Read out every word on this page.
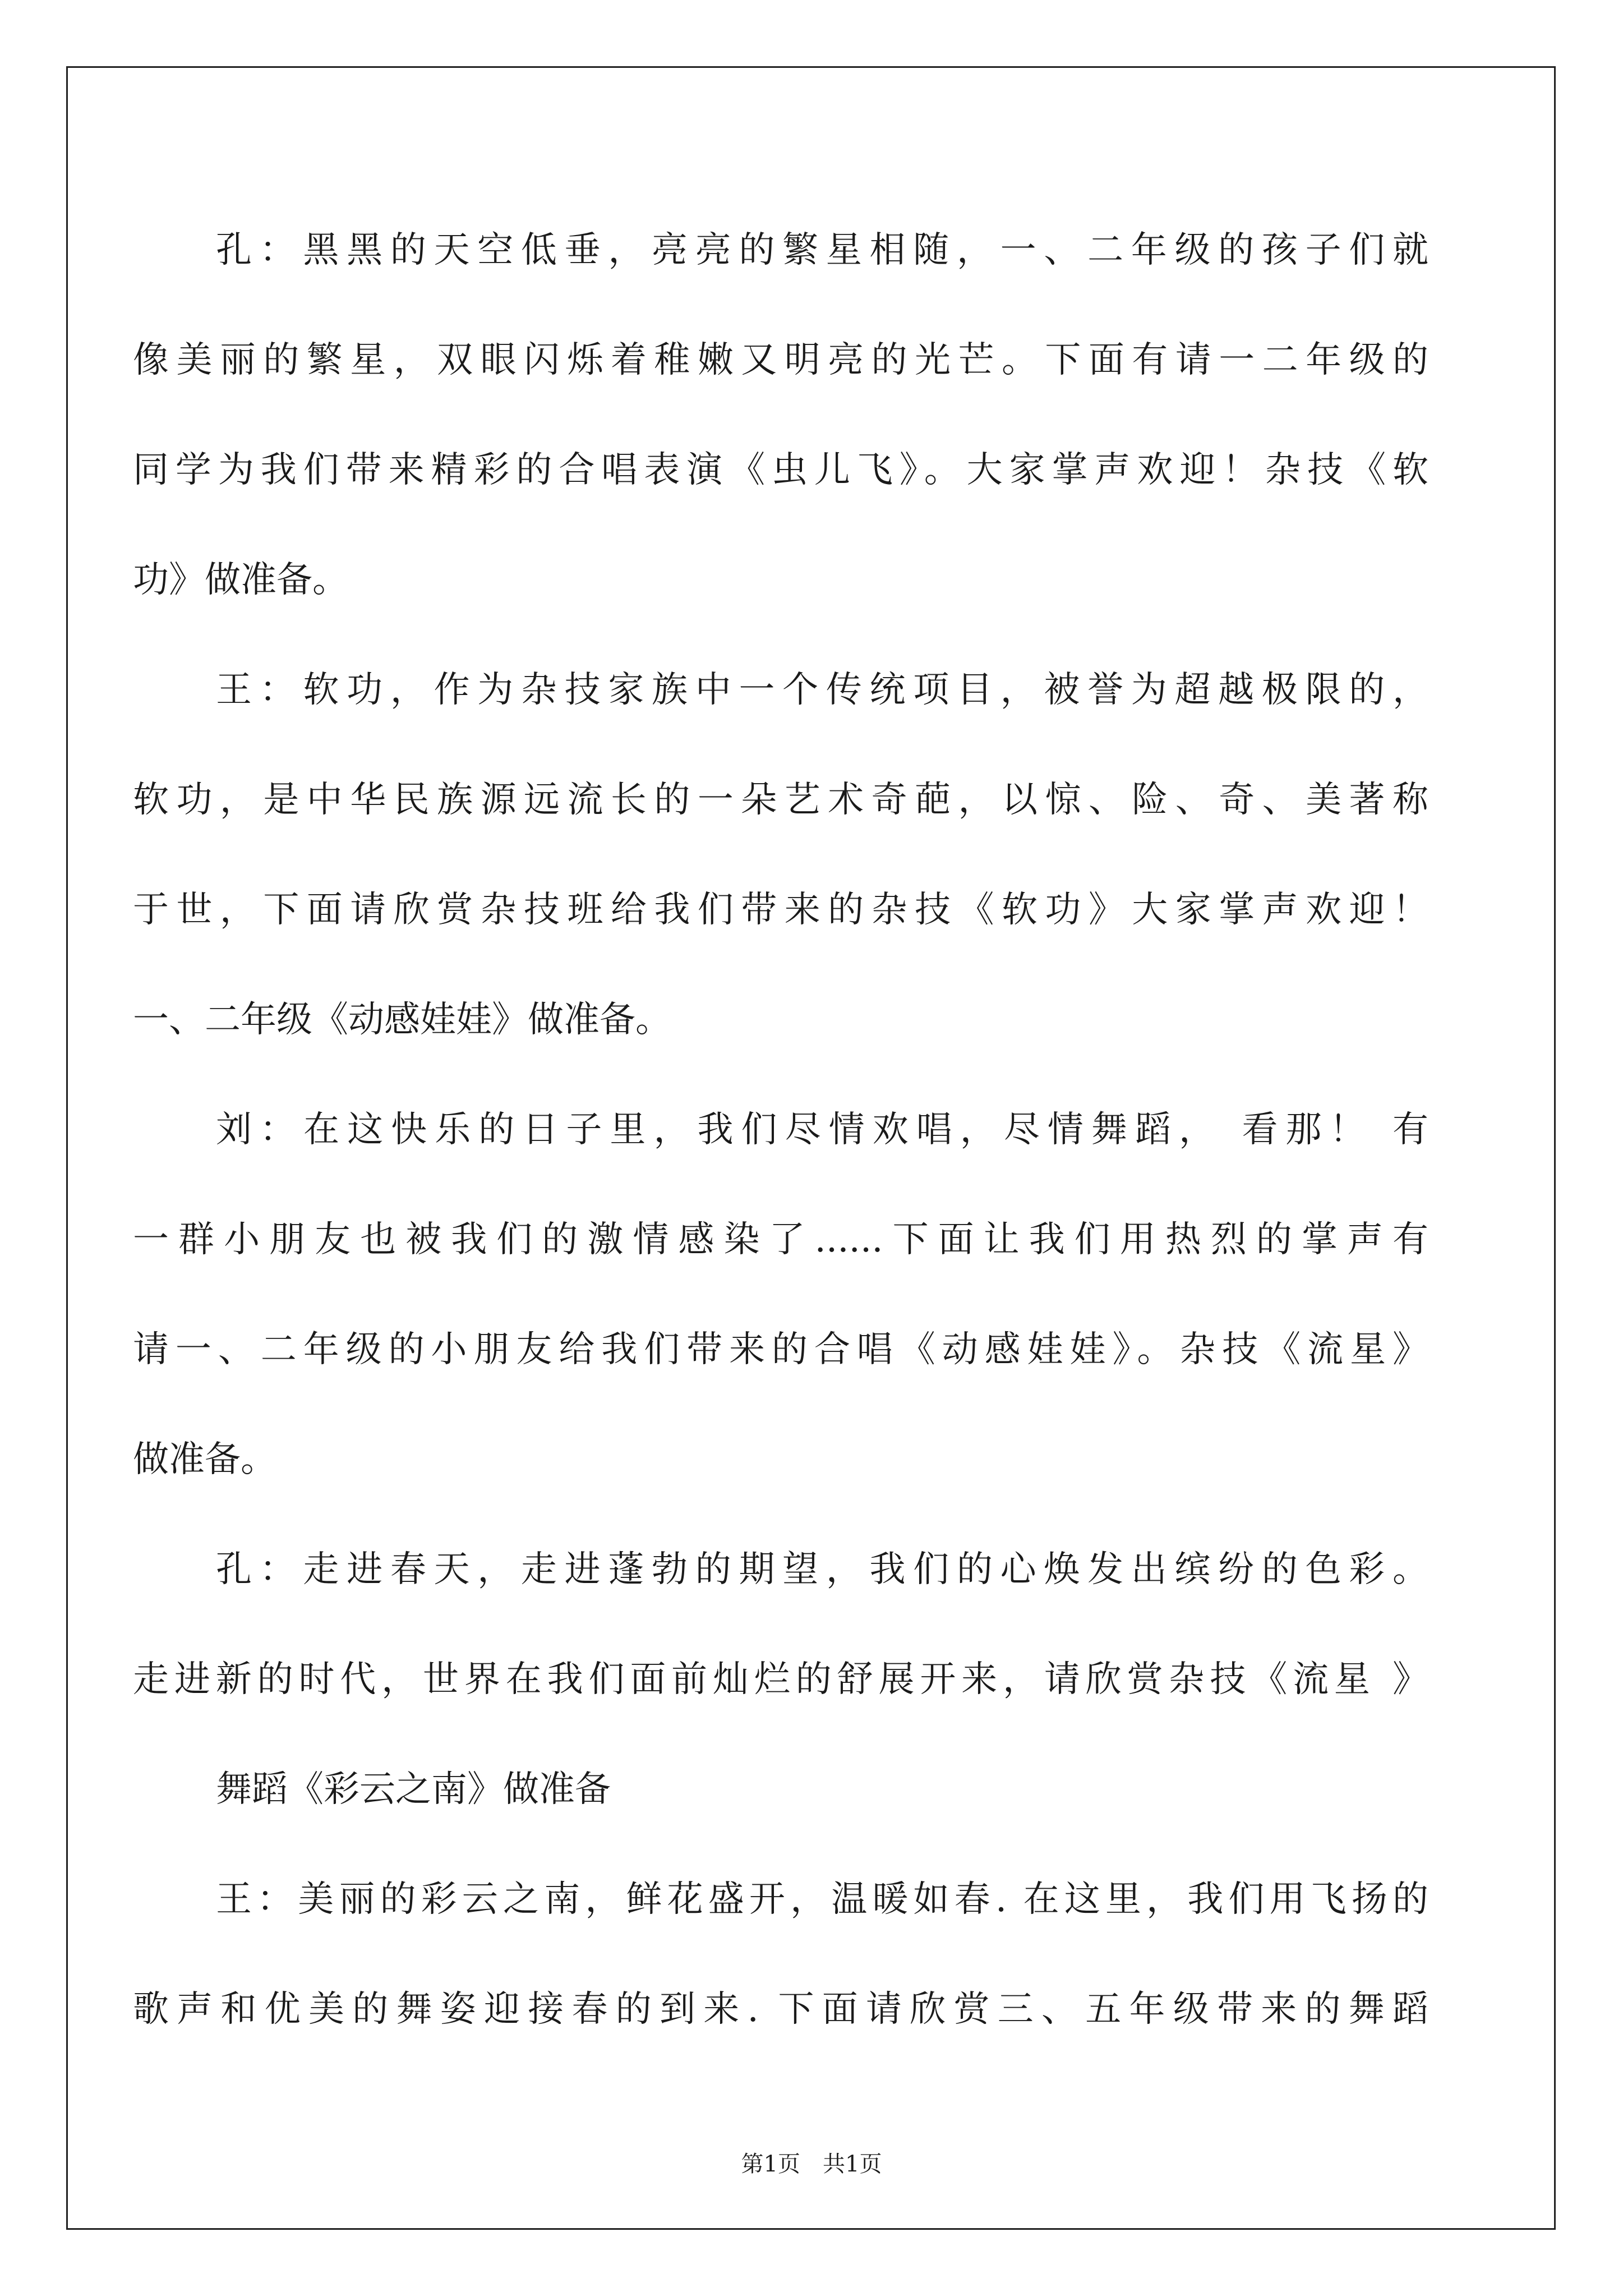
孔：黑黑的天空低垂，亮亮的繁星相随，一、二年级的孩子们就
像美丽的繁星，双眼闪烁着稚嫩又明亮的光芒。下面有请一二年级的
同学为我们带来精彩的合唱表演《虫儿飞》。大家掌声欢迎！杂技《软
功》做准备。
王：软功，作为杂技家族中一个传统项目，被誉为超越极限的，
软功，是中华民族源远流长的一朵艺术奇葩，以惊、险、奇、美著称
于世，下面请欣赏杂技班给我们带来的杂技《软功》大家掌声欢迎！
一、二年级《动感娃娃》做准备。
刘：在这快乐的日子里，我们尽情欢唱，尽情舞蹈， 看那！ 有
一群小朋友也被我们的激情感染了......下面让我们用热烈的掌声有
请一、二年级的小朋友给我们带来的合唱《动感娃娃》。杂技《流星》
做准备。
孔：走进春天，走进蓬勃的期望，我们的心焕发出缤纷的色彩。
走进新的时代，世界在我们面前灿烂的舒展开来，请欣赏杂技《流星 》
舞蹈《彩云之南》做准备
王：美丽的彩云之南，鲜花盛开，温暖如春. 在这里，我们用飞扬的
歌声和优美的舞姿迎接春的到来. 下面请欣赏三、五年级带来的舞蹈
第1页　共1页
